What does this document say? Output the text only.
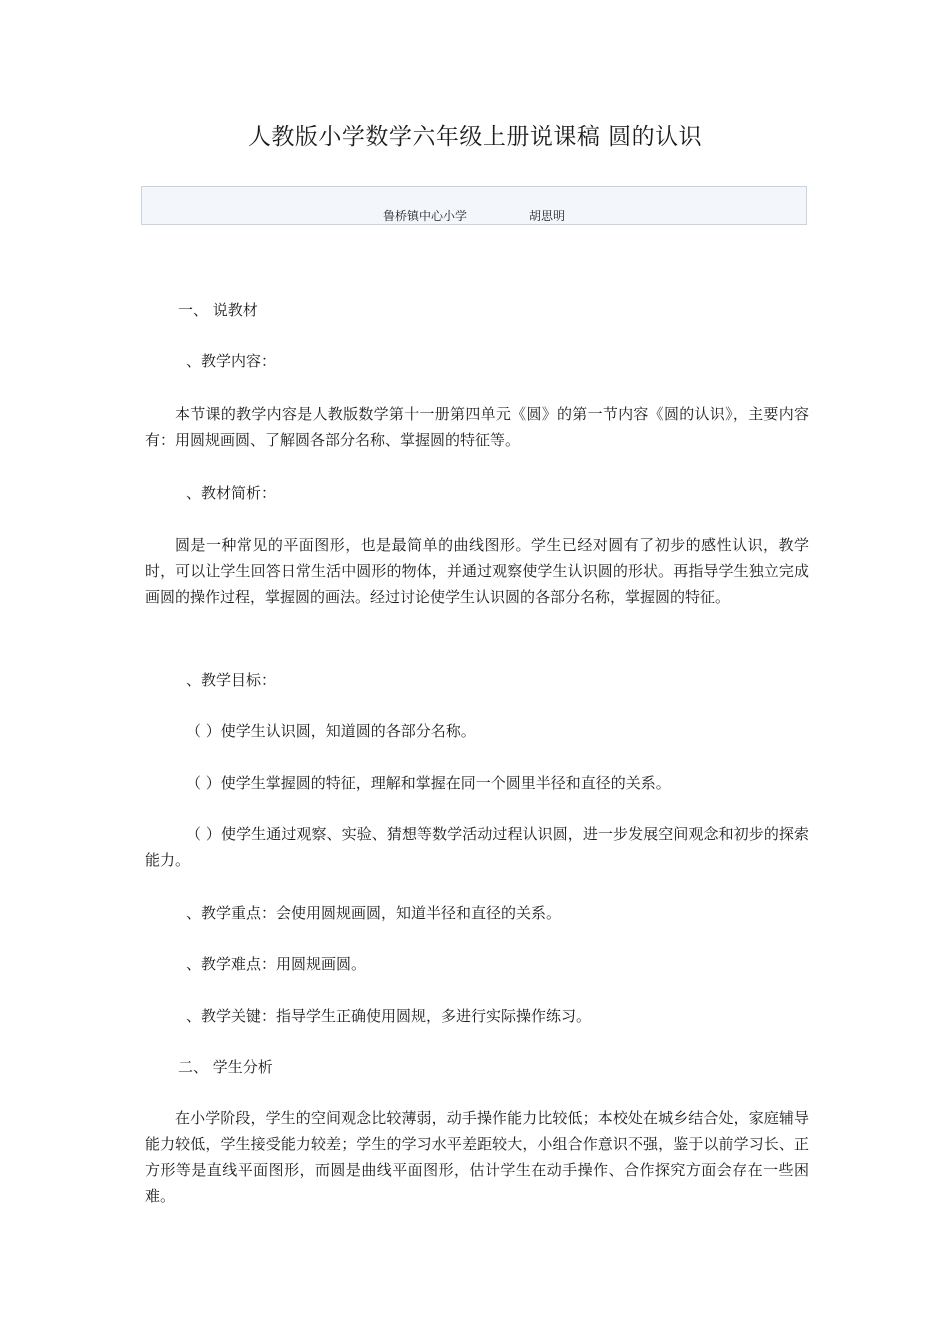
人教版小学数学六年级上册说课稿 圆的认识
鲁桥镇中心小学	胡思明
一、 说教材
、教学内容：
本节课的教学内容是人教版数学第十一册第四单元《圆》的第一节内容《圆的认识》，主要内容有：用圆规画圆、了解圆各部分名称、掌握圆的特征等。
、教材简析：
圆是一种常见的平面图形，也是最简单的曲线图形。学生已经对圆有了初步的感性认识，教学时，可以让学生回答日常生活中圆形的物体，并通过观察使学生认识圆的形状。再指导学生独立完成画圆的操作过程，掌握圆的画法。经过讨论使学生认识圆的各部分名称，掌握圆的特征。
、教学目标：
（ ）使学生认识圆，知道圆的各部分名称。
（ ）使学生掌握圆的特征，理解和掌握在同一个圆里半径和直径的关系。
（ ）使学生通过观察、实验、猜想等数学活动过程认识圆，进一步发展空间观念和初步的探索能力。
、教学重点：会使用圆规画圆，知道半径和直径的关系。
、教学难点：用圆规画圆。
、教学关键：指导学生正确使用圆规，多进行实际操作练习。
二、 学生分析
在小学阶段，学生的空间观念比较薄弱，动手操作能力比较低；本校处在城乡结合处，家庭辅导能力较低，学生接受能力较差；学生的学习水平差距较大，小组合作意识不强，鉴于以前学习长、正方形等是直线平面图形，而圆是曲线平面图形，估计学生在动手操作、合作探究方面会存在一些困难。
